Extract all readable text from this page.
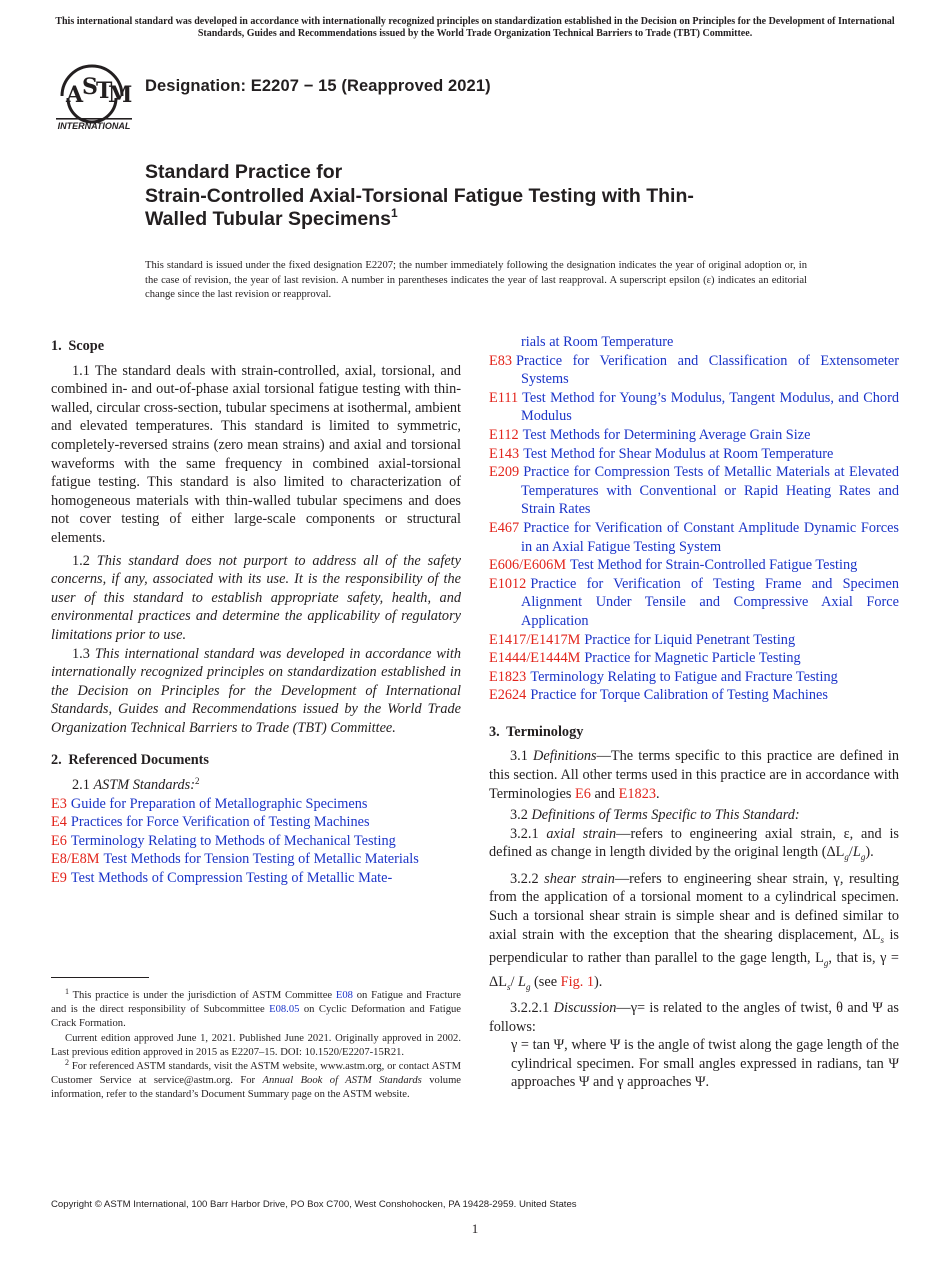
This international standard was developed in accordance with internationally recognized principles on standardization established in the Decision on Principles for the Development of International Standards, Guides and Recommendations issued by the World Trade Organization Technical Barriers to Trade (TBT) Committee.
A
S
T
M
INTERNATIONAL
Designation: E2207 − 15 (Reapproved 2021)
Standard Practice for
Strain-Controlled Axial-Torsional Fatigue Testing with Thin-
Walled Tubular Specimens$^1$
This standard is issued under the fixed designation E2207; the number immediately following the designation indicates the year of original adoption or, in the case of revision, the year of last revision. A number in parentheses indicates the year of last reapproval. A superscript epsilon (ε) indicates an editorial change since the last revision or reapproval.
1. Scope

1.1 The standard deals with strain-controlled, axial, torsional, and combined in- and out-of-phase axial torsional fatigue testing with thin-walled, circular cross-section, tubular specimens at isothermal, ambient and elevated temperatures. This standard is limited to symmetric, completely-reversed strains (zero mean strains) and axial and torsional waveforms with the same frequency in combined axial-torsional fatigue testing. This standard is also limited to characterization of homogeneous materials with thin-walled tubular specimens and does not cover testing of either large-scale components or structural elements.

1.2 This standard does not purport to address all of the safety concerns, if any, associated with its use. It is the responsibility of the user of this standard to establish appropriate safety, health, and environmental practices and determine the applicability of regulatory limitations prior to use.

1.3 This international standard was developed in accordance with internationally recognized principles on standardization established in the Decision on Principles for the Development of International Standards, Guides and Recommendations issued by the World Trade Organization Technical Barriers to Trade (TBT) Committee.

2. Referenced Documents

2.1 ASTM Standards:$^2$

E3 Guide for Preparation of Metallographic Specimens
E4 Practices for Force Verification of Testing Machines
E6 Terminology Relating to Methods of Mechanical Testing
E8/E8M Test Methods for Tension Testing of Metallic Materials
E9 Test Methods of Compression Testing of Metallic Mate-
rials at Room Temperature
E83 Practice for Verification and Classification of Extensometer Systems
E111 Test Method for Young’s Modulus, Tangent Modulus, and Chord Modulus
E112 Test Methods for Determining Average Grain Size
E143 Test Method for Shear Modulus at Room Temperature
E209 Practice for Compression Tests of Metallic Materials at Elevated Temperatures with Conventional or Rapid Heating Rates and Strain Rates
E467 Practice for Verification of Constant Amplitude Dynamic Forces in an Axial Fatigue Testing System
E606/E606M Test Method for Strain-Controlled Fatigue Testing
E1012 Practice for Verification of Testing Frame and Specimen Alignment Under Tensile and Compressive Axial Force Application
E1417/E1417M Practice for Liquid Penetrant Testing
E1444/E1444M Practice for Magnetic Particle Testing
E1823 Terminology Relating to Fatigue and Fracture Testing
E2624 Practice for Torque Calibration of Testing Machines
3. Terminology

3.1 Definitions—The terms specific to this practice are defined in this section. All other terms used in this practice are in accordance with Terminologies E6 and E1823.

3.2 Definitions of Terms Specific to This Standard:

3.2.1 axial strain—refers to engineering axial strain, ε, and is defined as change in length divided by the original length $(\Delta L_g/L_g)$.

3.2.2 shear strain—refers to engineering shear strain, γ, resulting from the application of a torsional moment to a cylindrical specimen. Such a torsional shear strain is simple shear and is defined similar to axial strain with the exception that the shearing displacement, $\Delta L_s$ is perpendicular to rather than parallel to the gage length, $L_g$, that is, $\gamma = \Delta L_s/$ $L_g$ (see Fig. 1).

3.2.2.1 Discussion—γ= is related to the angles of twist, θ and Ψ as follows:

γ = tan Ψ, where Ψ is the angle of twist along the gage length of the cylindrical specimen. For small angles expressed in radians, tan Ψ approaches Ψ and γ approaches Ψ.

$^1$ This practice is under the jurisdiction of ASTM Committee E08 on Fatigue and Fracture and is the direct responsibility of Subcommittee E08.05 on Cyclic Deformation and Fatigue Crack Formation.

Current edition approved June 1, 2021. Published June 2021. Originally approved in 2002. Last previous edition approved in 2015 as E2207–15. DOI: 10.1520/E2207-15R21.

$^2$ For referenced ASTM standards, visit the ASTM website, www.astm.org, or contact ASTM Customer Service at service@astm.org. For Annual Book of ASTM Standards volume information, refer to the standard’s Document Summary page on the ASTM website.

Copyright © ASTM International, 100 Barr Harbor Drive, PO Box C700, West Conshohocken, PA 19428-2959. United States
1
